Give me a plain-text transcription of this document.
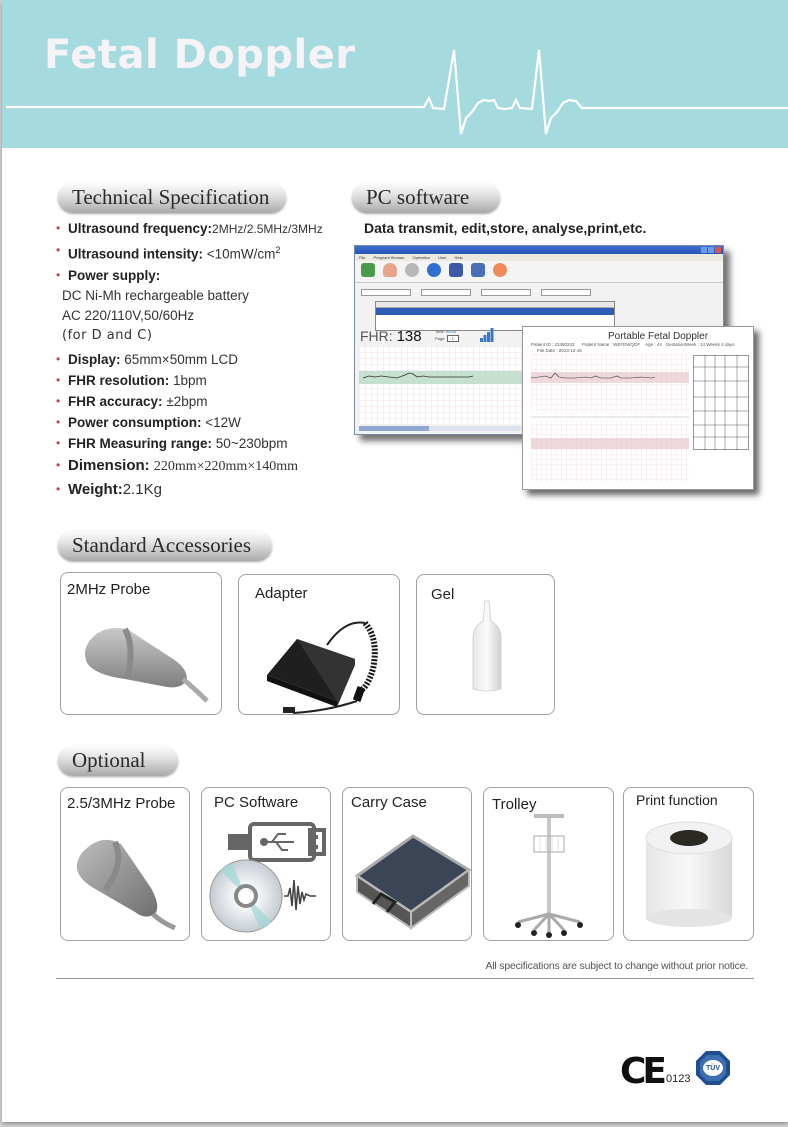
Fetal Doppler
Technical Specification
• Ultrasound frequency:2MHz/2.5MHz/3MHz
• Ultrasound intensity: $<10mW/cm^2$
• Power supply:
DC Ni-Mh rechargeable battery
AC 220/110V,50/60Hz
(for D and C)
• Display: 65mm×50mm LCD
• FHR resolution: 1bpm
• FHR accuracy: ±2bpm
• Power consumption: <12W
• FHR Measuring range: 50~230bpm
• Dimension: 220mm×220mm×140mm
• Weight:2.1Kg
PC software
Data transmit, edit,store, analyse,print,etc.
File Pregnant Woman Operation User Help
FHR: 138	Time: 00:03
Page: 1	Portable Fetal Doppler
Patient ID : 23450243 Patient Name : WEFEWQGF Age : 44 GestationWeek : 14 Weeks 4 days
File Date : 2013-12-15
Standard Accessories
2MHz Probe	Adapter	Gel
Optional
2.5/3MHz Probe	PC Software	Carry Case	Trolley	Print function
All specifications are subject to change without prior notice.
CE 0123
TÜV
